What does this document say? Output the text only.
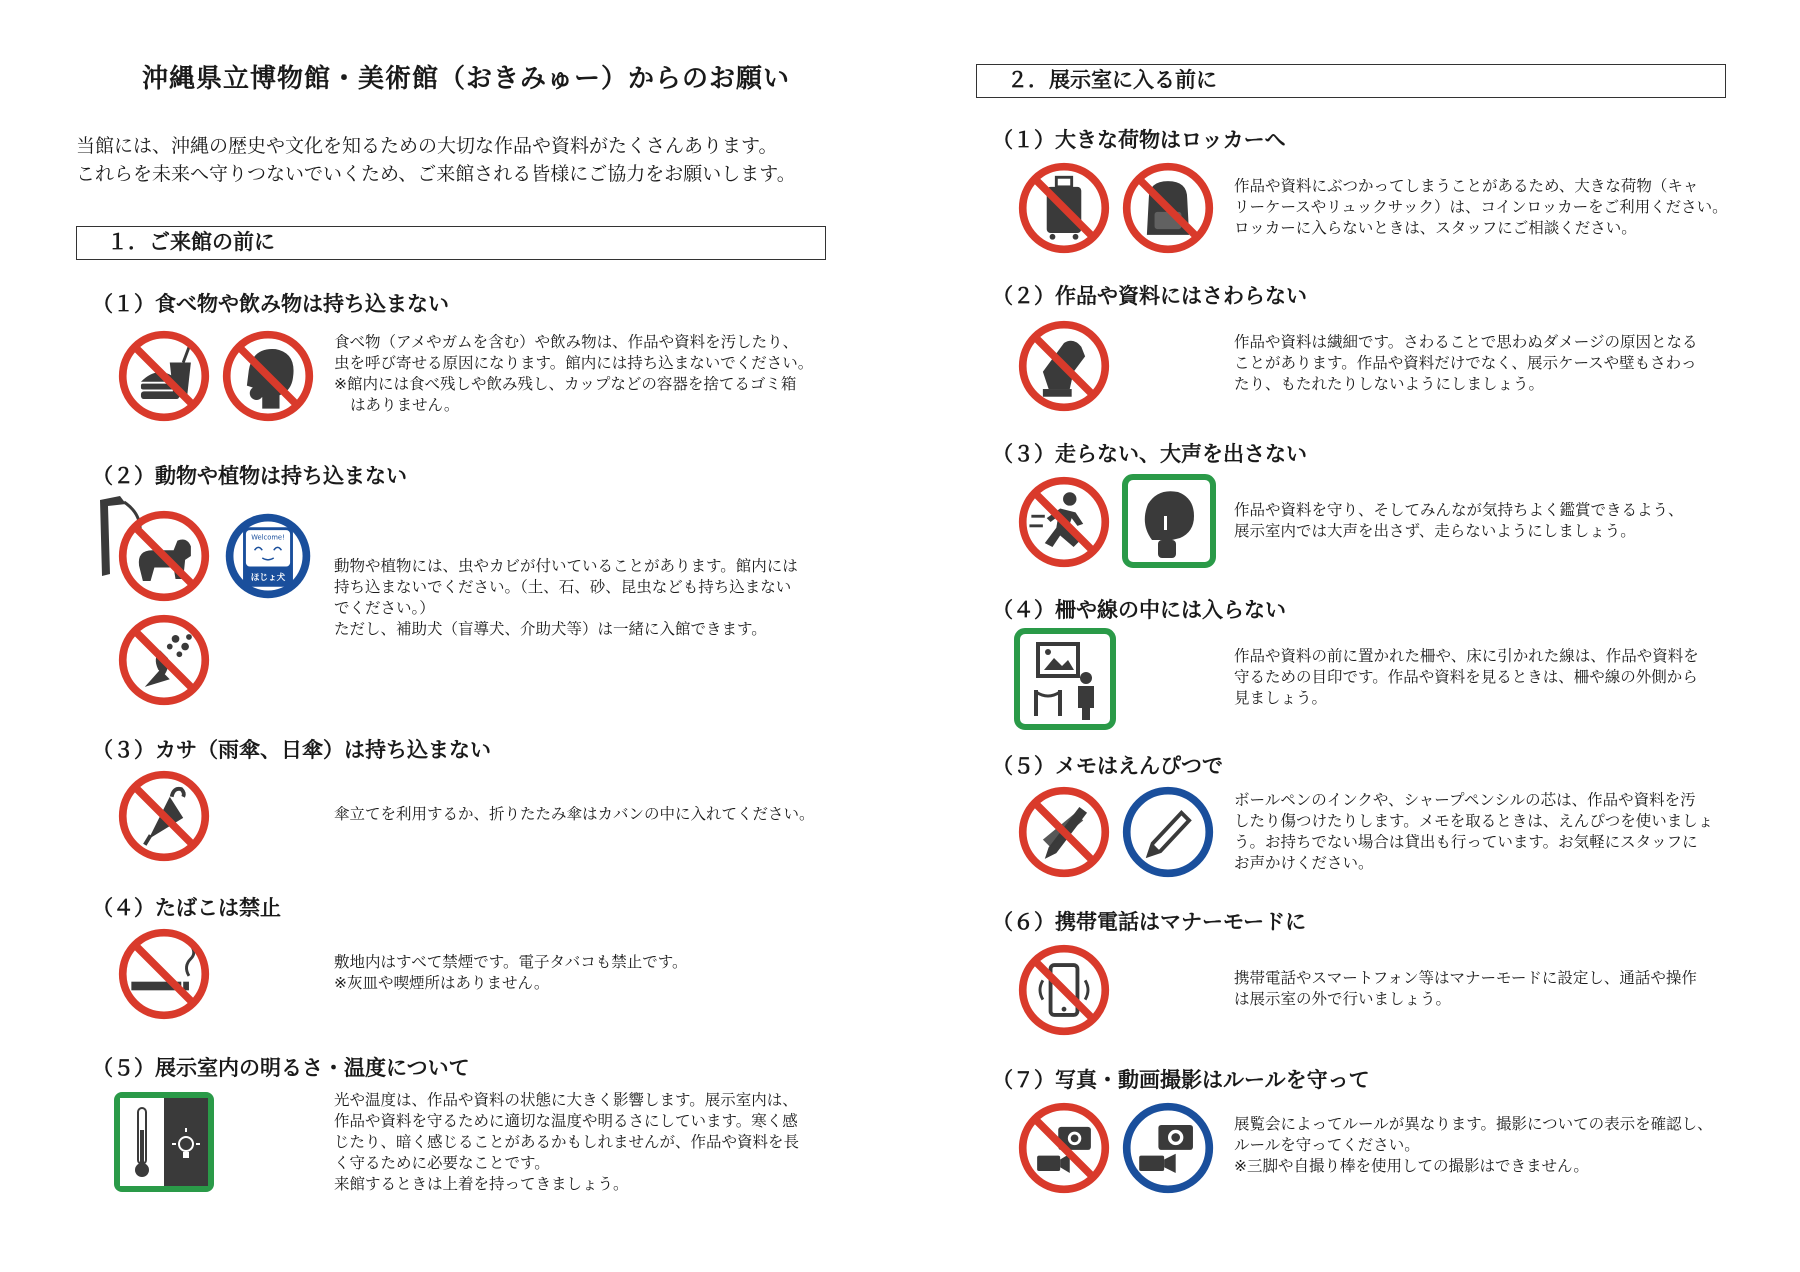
沖縄県立博物館・美術館（おきみゅー）からのお願い
当館には、沖縄の歴史や文化を知るための大切な作品や資料がたくさんあります。
これらを未来へ守りつないでいくため、ご来館される皆様にご協力をお願いします。
１．ご来館の前に
（１）食べ物や飲み物は持ち込まない
食べ物（アメやガムを含む）や飲み物は、作品や資料を汚したり、
虫を呼び寄せる原因になります。館内には持ち込まないでください。
※館内には食べ残しや飲み残し、カップなどの容器を捨てるゴミ箱
はありません。
（２）動物や植物は持ち込まない
Welcome!
ほじょ犬
動物や植物には、虫やカビが付いていることがあります。館内には
持ち込まないでください。（土、石、砂、昆虫なども持ち込まない
でください。）
ただし、補助犬（盲導犬、介助犬等）は一緒に入館できます。
（３）カサ（雨傘、日傘）は持ち込まない
傘立てを利用するか、折りたたみ傘はカバンの中に入れてください。
（４）たばこは禁止
敷地内はすべて禁煙です。電子タバコも禁止です。
※灰皿や喫煙所はありません。
（５）展示室内の明るさ・温度について
光や温度は、作品や資料の状態に大きく影響します。展示室内は、
作品や資料を守るために適切な温度や明るさにしています。寒く感
じたり、暗く感じることがあるかもしれませんが、作品や資料を長
く守るために必要なことです。
来館するときは上着を持ってきましょう。
２．展示室に入る前に
（１）大きな荷物はロッカーへ
作品や資料にぶつかってしまうことがあるため、大きな荷物（キャ
リーケースやリュックサック）は、コインロッカーをご利用ください。
ロッカーに入らないときは、スタッフにご相談ください。
（２）作品や資料にはさわらない
作品や資料は繊細です。さわることで思わぬダメージの原因となる
ことがあります。作品や資料だけでなく、展示ケースや壁もさわっ
たり、もたれたりしないようにしましょう。
（３）走らない、大声を出さない
作品や資料を守り、そしてみんなが気持ちよく鑑賞できるよう、
展示室内では大声を出さず、走らないようにしましょう。
（４）柵や線の中には入らない
作品や資料の前に置かれた柵や、床に引かれた線は、作品や資料を
守るための目印です。作品や資料を見るときは、柵や線の外側から
見ましょう。
（５）メモはえんぴつで
ボールペンのインクや、シャープペンシルの芯は、作品や資料を汚
したり傷つけたりします。メモを取るときは、えんぴつを使いましょ
う。お持ちでない場合は貸出も行っています。お気軽にスタッフに
お声かけください。
（６）携帯電話はマナーモードに
携帯電話やスマートフォン等はマナーモードに設定し、通話や操作
は展示室の外で行いましょう。
（７）写真・動画撮影はルールを守って
展覧会によってルールが異なります。撮影についての表示を確認し、
ルールを守ってください。
※三脚や自撮り棒を使用しての撮影はできません。
